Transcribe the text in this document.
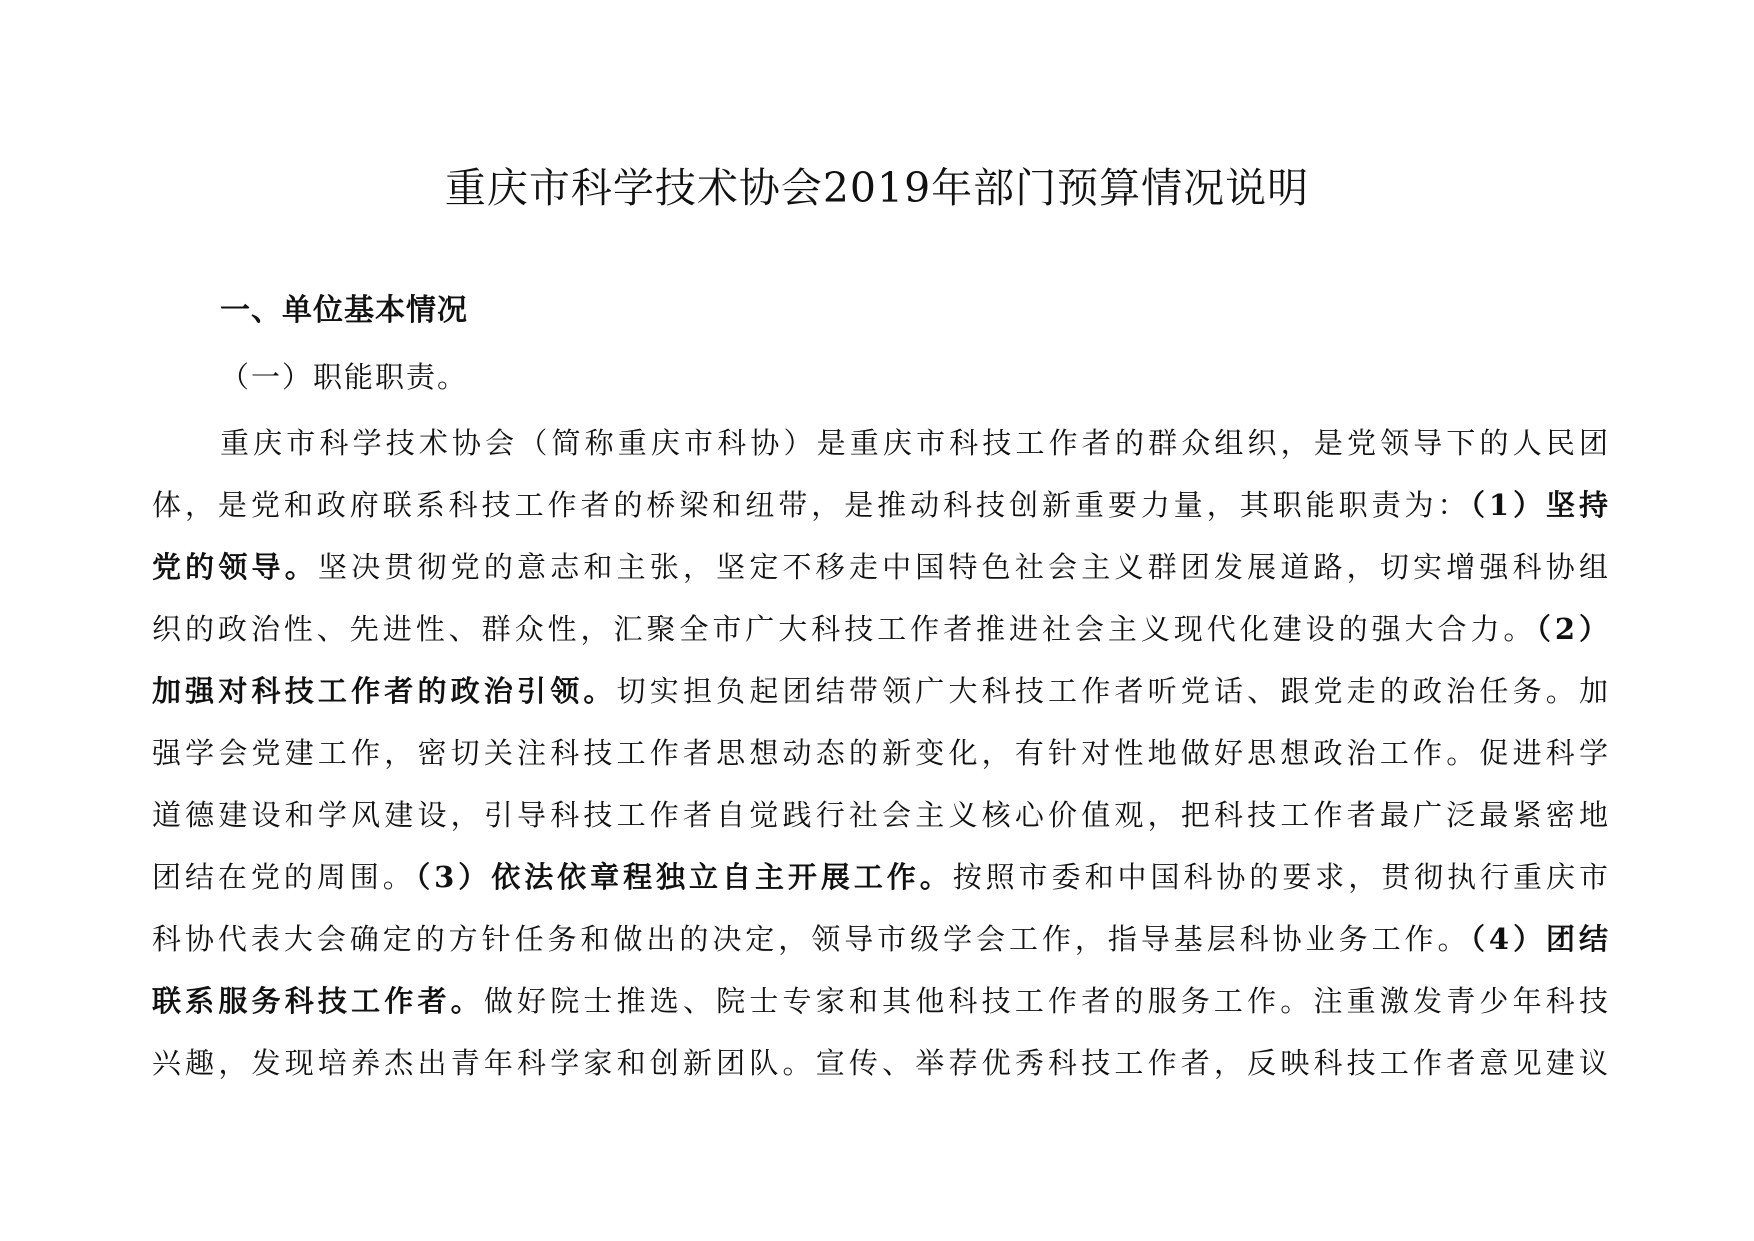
重庆市科学技术协会2019年部门预算情况说明
一、单位基本情况

（一）职能职责。

重庆市科学技术协会（简称重庆市科协）是重庆市科技工作者的群众组织，是党领导下的人民团
体，是党和政府联系科技工作者的桥梁和纽带，是推动科技创新重要力量，其职能职责为：（1）坚持
党的领导。坚决贯彻党的意志和主张，坚定不移走中国特色社会主义群团发展道路，切实增强科协组
织的政治性、先进性、群众性，汇聚全市广大科技工作者推进社会主义现代化建设的强大合力。（2）
加强对科技工作者的政治引领。切实担负起团结带领广大科技工作者听党话、跟党走的政治任务。加
强学会党建工作，密切关注科技工作者思想动态的新变化，有针对性地做好思想政治工作。促进科学
道德建设和学风建设，引导科技工作者自觉践行社会主义核心价值观，把科技工作者最广泛最紧密地
团结在党的周围。（3）依法依章程独立自主开展工作。按照市委和中国科协的要求，贯彻执行重庆市
科协代表大会确定的方针任务和做出的决定，领导市级学会工作，指导基层科协业务工作。（4）团结
联系服务科技工作者。做好院士推选、院士专家和其他科技工作者的服务工作。注重激发青少年科技
兴趣，发现培养杰出青年科学家和创新团队。宣传、举荐优秀科技工作者，反映科技工作者意见建议
